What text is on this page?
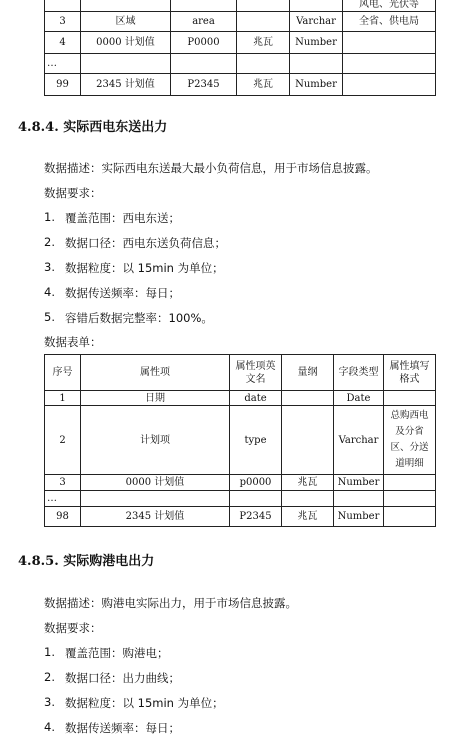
					风电、光伏等
3	区域	area		Varchar	全省、供电局
4	0000 计划值	P0000	兆瓦	Number	
…					
99	2345 计划值	P2345	兆瓦	Number	
4.8.4. 实际西电东送出力
数据描述：实际西电东送最大最小负荷信息，用于市场信息披露。
数据要求：
1. 覆盖范围：西电东送；
2. 数据口径：西电东送负荷信息；
3. 数据粒度：以 15min 为单位；
4. 数据传送频率：每日；
5. 容错后数据完整率：100%。
数据表单：
序号	属性项	属性项英文名	量纲	字段类型	属性填写格式
1	日期	date		Date	
2	计划项	type		Varchar	总购西电及分省区、分送道明细
3	0000 计划值	p0000	兆瓦	Number	
…					
98	2345 计划值	P2345	兆瓦	Number	
4.8.5. 实际购港电出力
数据描述：购港电实际出力，用于市场信息披露。
数据要求：
1. 覆盖范围：购港电；
2. 数据口径：出力曲线；
3. 数据粒度：以 15min 为单位；
4. 数据传送频率：每日；
